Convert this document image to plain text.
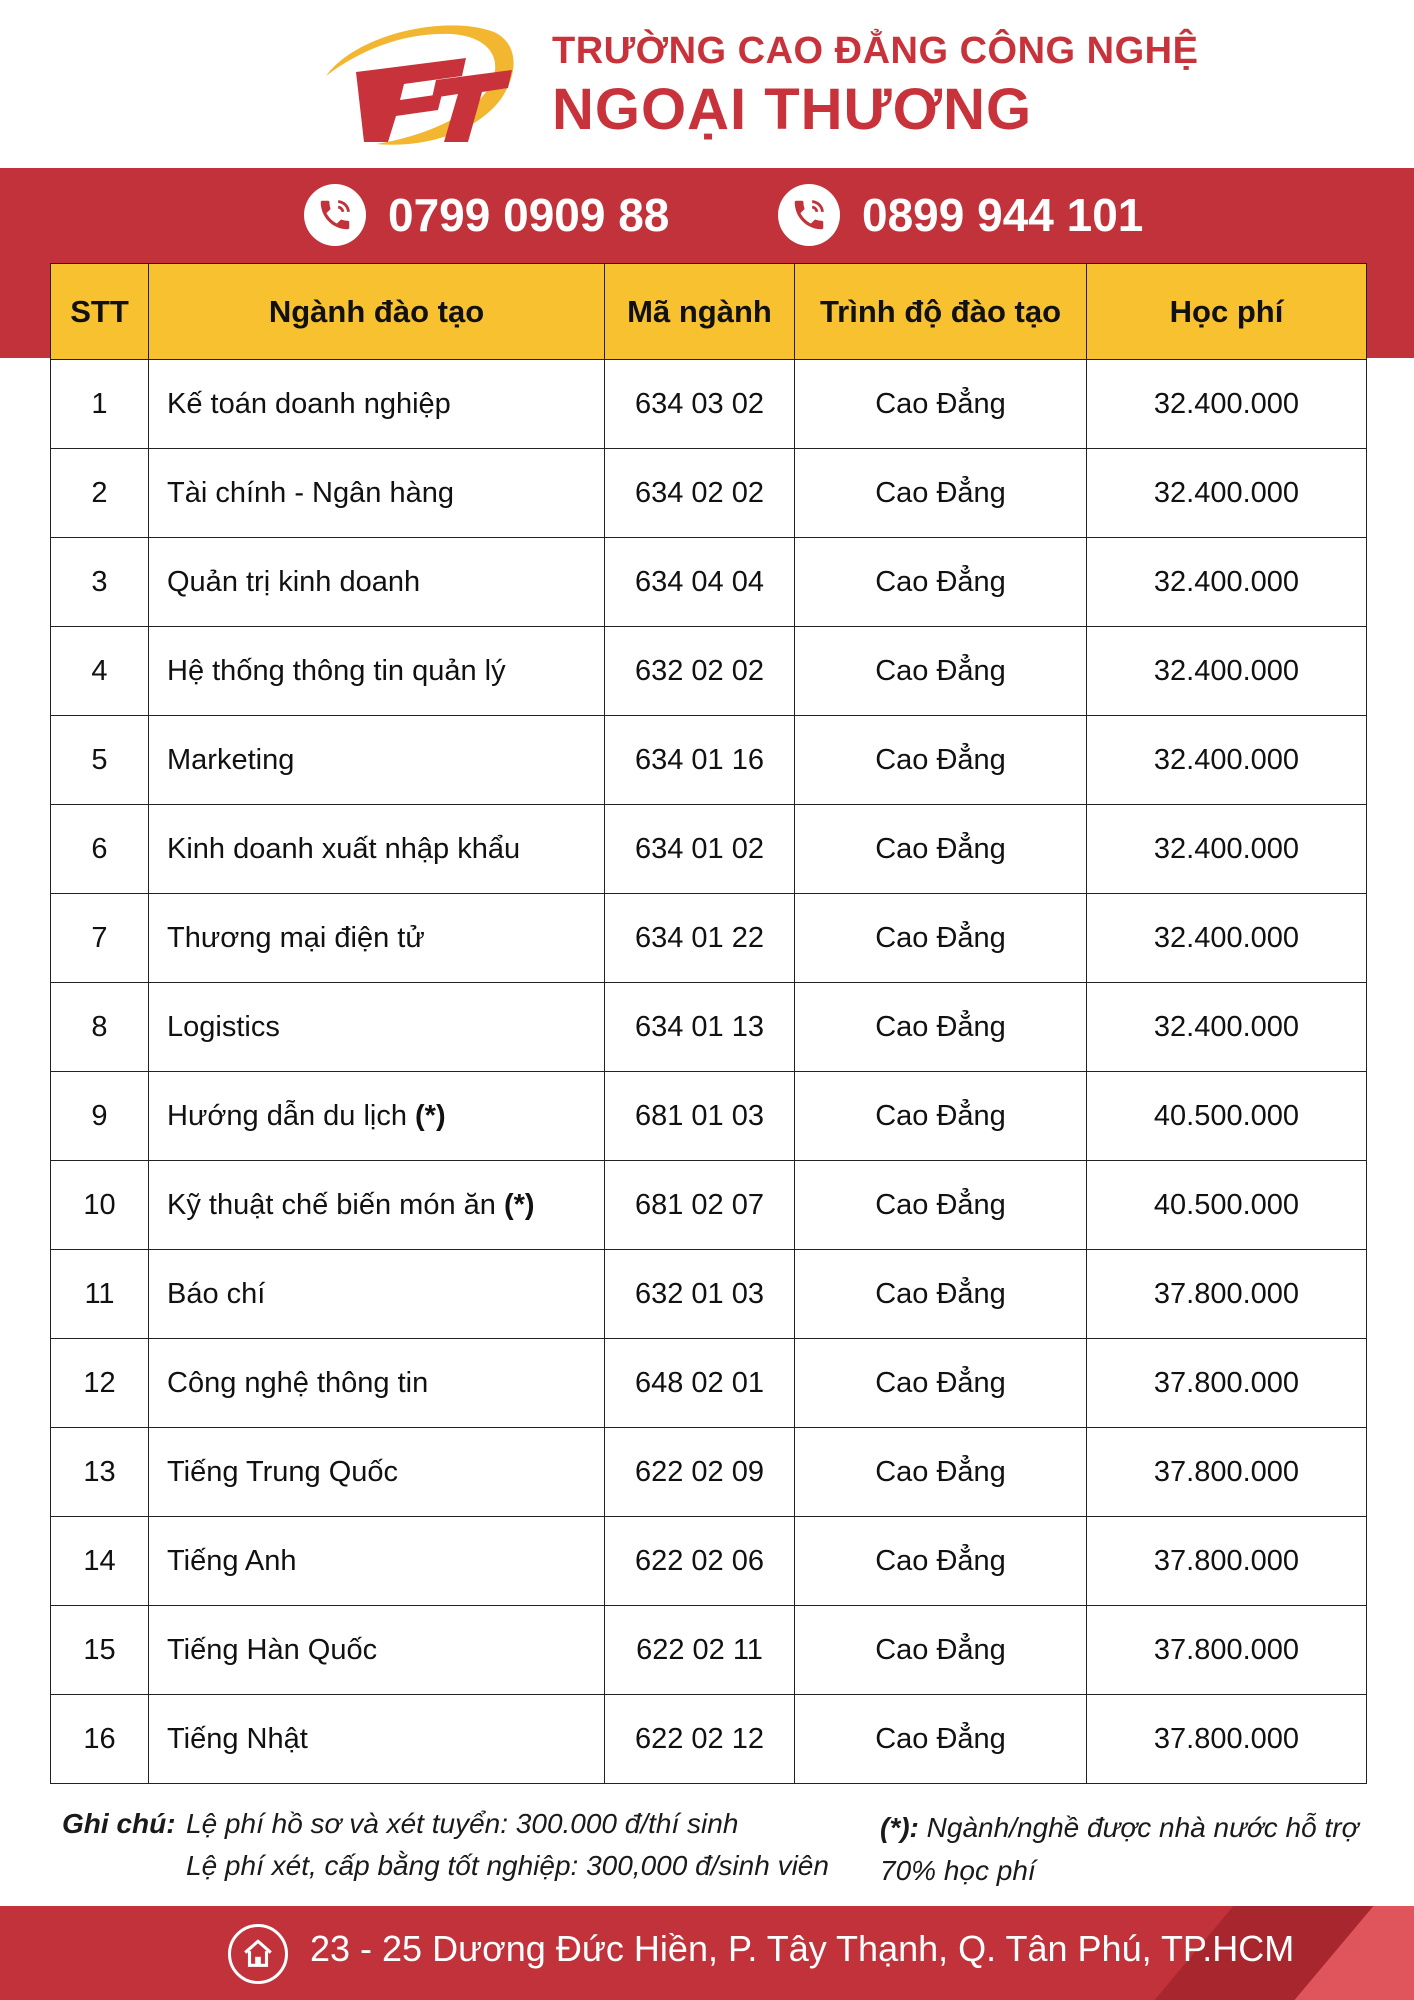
TRƯỜNG CAO ĐẲNG CÔNG NGHỆ
NGOẠI THƯƠNG
0799 0909 88	0899 944 101
STT	Ngành đào tạo	Mã ngành	Trình độ đào tạo	Học phí
1	Kế toán doanh nghiệp	634 03 02	Cao Đẳng	32.400.000
2	Tài chính - Ngân hàng	634 02 02	Cao Đẳng	32.400.000
3	Quản trị kinh doanh	634 04 04	Cao Đẳng	32.400.000
4	Hệ thống thông tin quản lý	632 02 02	Cao Đẳng	32.400.000
5	Marketing	634 01 16	Cao Đẳng	32.400.000
6	Kinh doanh xuất nhập khẩu	634 01 02	Cao Đẳng	32.400.000
7	Thương mại điện tử	634 01 22	Cao Đẳng	32.400.000
8	Logistics	634 01 13	Cao Đẳng	32.400.000
9	Hướng dẫn du lịch (*)	681 01 03	Cao Đẳng	40.500.000
10	Kỹ thuật chế biến món ăn (*)	681 02 07	Cao Đẳng	40.500.000
11	Báo chí	632 01 03	Cao Đẳng	37.800.000
12	Công nghệ thông tin	648 02 01	Cao Đẳng	37.800.000
13	Tiếng Trung Quốc	622 02 09	Cao Đẳng	37.800.000
14	Tiếng Anh	622 02 06	Cao Đẳng	37.800.000
15	Tiếng Hàn Quốc	622 02 11	Cao Đẳng	37.800.000
16	Tiếng Nhật	622 02 12	Cao Đẳng	37.800.000
Ghi chú: Lệ phí hồ sơ và xét tuyển: 300.000 đ/thí sinh
Lệ phí xét, cấp bằng tốt nghiệp: 300,000 đ/sinh viên
(*): Ngành/nghề được nhà nước hỗ trợ 70% học phí
23 - 25 Dương Đức Hiền, P. Tây Thạnh, Q. Tân Phú, TP.HCM
